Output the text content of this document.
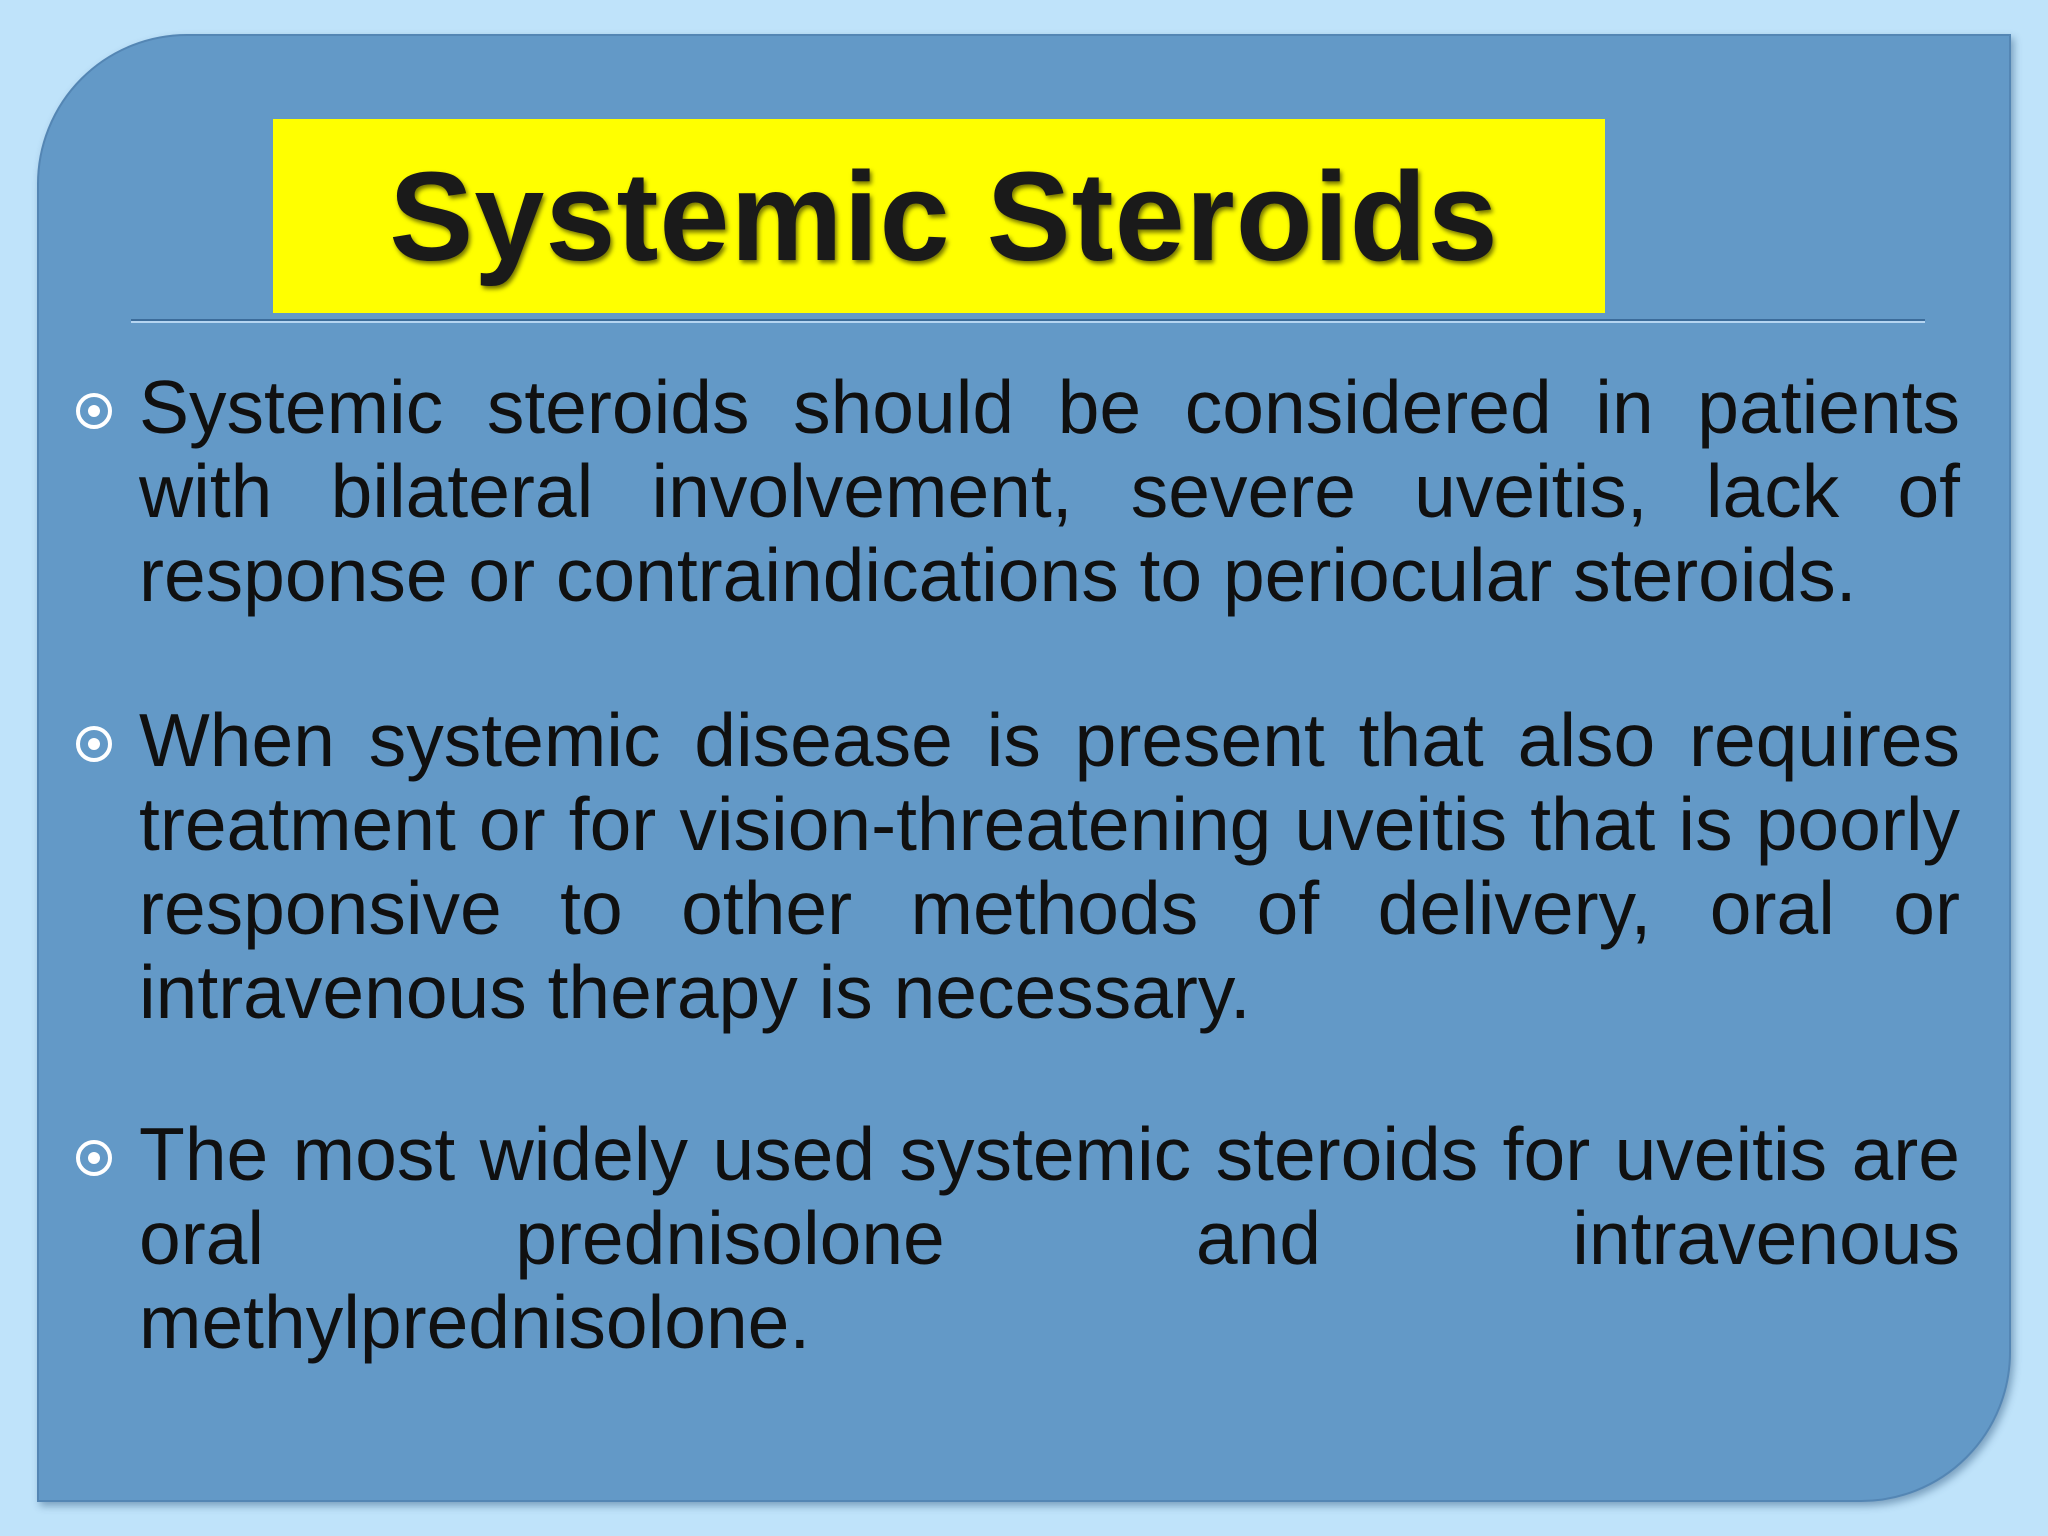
Systemic Steroids
Systemic steroids should be considered in patients with bilateral involvement, severe uveitis, lack of response or contraindications to periocular steroids.
When systemic disease is present that also requires treatment or for vision-threatening uveitis that is poorly responsive to other methods of delivery, oral or intravenous therapy is necessary.
The most widely used systemic steroids for uveitis are oral prednisolone and intravenous methylprednisolone.
